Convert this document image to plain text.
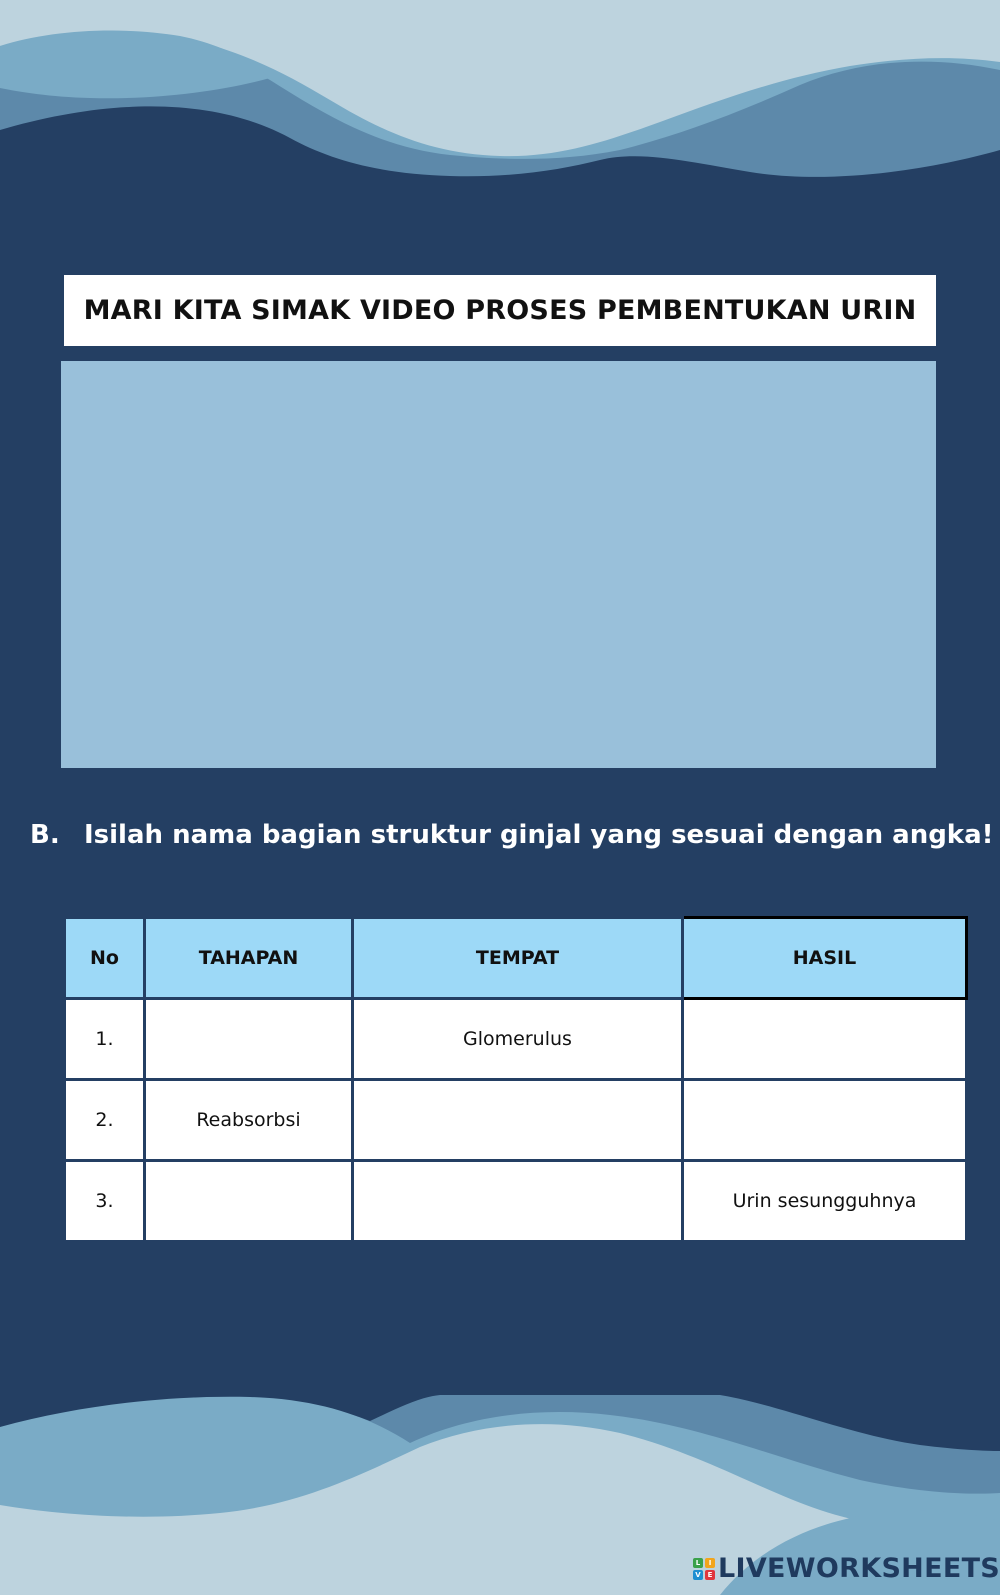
MARI KITA SIMAK VIDEO PROSES PEMBENTUKAN URIN
B. Isilah nama bagian struktur ginjal yang sesuai dengan angka!
No	TAHAPAN	TEMPAT	HASIL
1.		Glomerulus	
2.	Reabsorbsi		
3.			Urin sesungguhnya
L	I
V E LIVEWORKSHEETS
